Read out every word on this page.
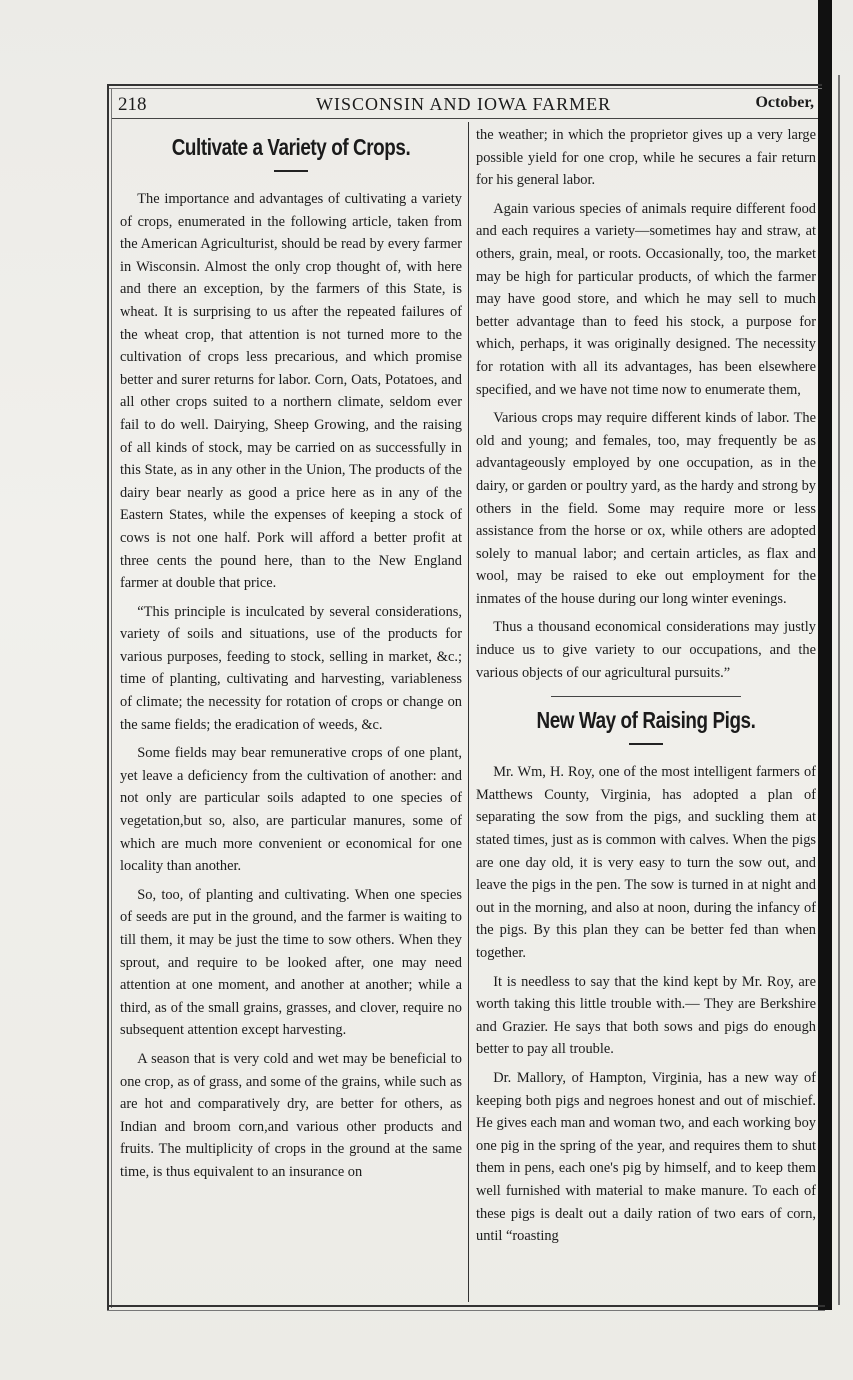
218	WISCONSIN AND IOWA FARMER	October,
Cultivate a Variety of Crops.

The importance and advantages of cultivating a variety of crops, enumerated in the following article, taken from the American Agriculturist, should be read by every farmer in Wisconsin. Almost the only crop thought of, with here and there an exception, by the farmers of this State, is wheat. It is surprising to us after the repeated failures of the wheat crop, that attention is not turned more to the cultivation of crops less precarious, and which promise better and surer returns for labor. Corn, Oats, Potatoes, and all other crops suited to a northern climate, seldom ever fail to do well. Dairying, Sheep Growing, and the raising of all kinds of stock, may be carried on as successfully in this State, as in any other in the Union, The products of the dairy bear nearly as good a price here as in any of the Eastern States, while the expenses of keeping a stock of cows is not one half. Pork will afford a better profit at three cents the pound here, than to the New England farmer at double that price.

“This principle is inculcated by several considerations, variety of soils and situations, use of the products for various purposes, feeding to stock, selling in market, &c.; time of planting, cultivating and harvesting, variableness of climate; the necessity for rotation of crops or change on the same fields; the eradication of weeds, &c.

Some fields may bear remunerative crops of one plant, yet leave a deficiency from the cultivation of another: and not only are particular soils adapted to one species of vegetation,but so, also, are particular manures, some of which are much more convenient or economical for one locality than another.

So, too, of planting and cultivating. When one species of seeds are put in the ground, and the farmer is waiting to till them, it may be just the time to sow others. When they sprout, and require to be looked after, one may need attention at one moment, and another at another; while a third, as of the small grains, grasses, and clover, require no subsequent attention except harvesting.

A season that is very cold and wet may be beneficial to one crop, as of grass, and some of the grains, while such as are hot and comparatively dry, are better for others, as Indian and broom corn,and various other products and fruits. The multiplicity of crops in the ground at the same time, is thus equivalent to an insurance on

the weather; in which the proprietor gives up a very large possible yield for one crop, while he secures a fair return for his general labor.

Again various species of animals require different food and each requires a variety—sometimes hay and straw, at others, grain, meal, or roots. Occasionally, too, the market may be high for particular products, of which the farmer may have good store, and which he may sell to much better advantage than to feed his stock, a purpose for which, perhaps, it was originally designed. The necessity for rotation with all its advantages, has been elsewhere specified, and we have not time now to enumerate them,

Various crops may require different kinds of labor. The old and young; and females, too, may frequently be as advantageously employed by one occupation, as in the dairy, or garden or poultry yard, as the hardy and strong by others in the field. Some may require more or less assistance from the horse or ox, while others are adopted solely to manual labor; and certain articles, as flax and wool, may be raised to eke out employment for the inmates of the house during our long winter evenings.

Thus a thousand economical considerations may justly induce us to give variety to our occupations, and the various objects of our agricultural pursuits.”

New Way of Raising Pigs.

Mr. Wm, H. Roy, one of the most intelligent farmers of Matthews County, Virginia, has adopted a plan of separating the sow from the pigs, and suckling them at stated times, just as is common with calves. When the pigs are one day old, it is very easy to turn the sow out, and leave the pigs in the pen. The sow is turned in at night and out in the morning, and also at noon, during the infancy of the pigs. By this plan they can be better fed than when together.

It is needless to say that the kind kept by Mr. Roy, are worth taking this little trouble with.— They are Berkshire and Grazier. He says that both sows and pigs do enough better to pay all trouble.

Dr. Mallory, of Hampton, Virginia, has a new way of keeping both pigs and negroes honest and out of mischief. He gives each man and woman two, and each working boy one pig in the spring of the year, and requires them to shut them in pens, each one's pig by himself, and to keep them well furnished with material to make manure. To each of these pigs is dealt out a daily ration of two ears of corn, until “roasting
